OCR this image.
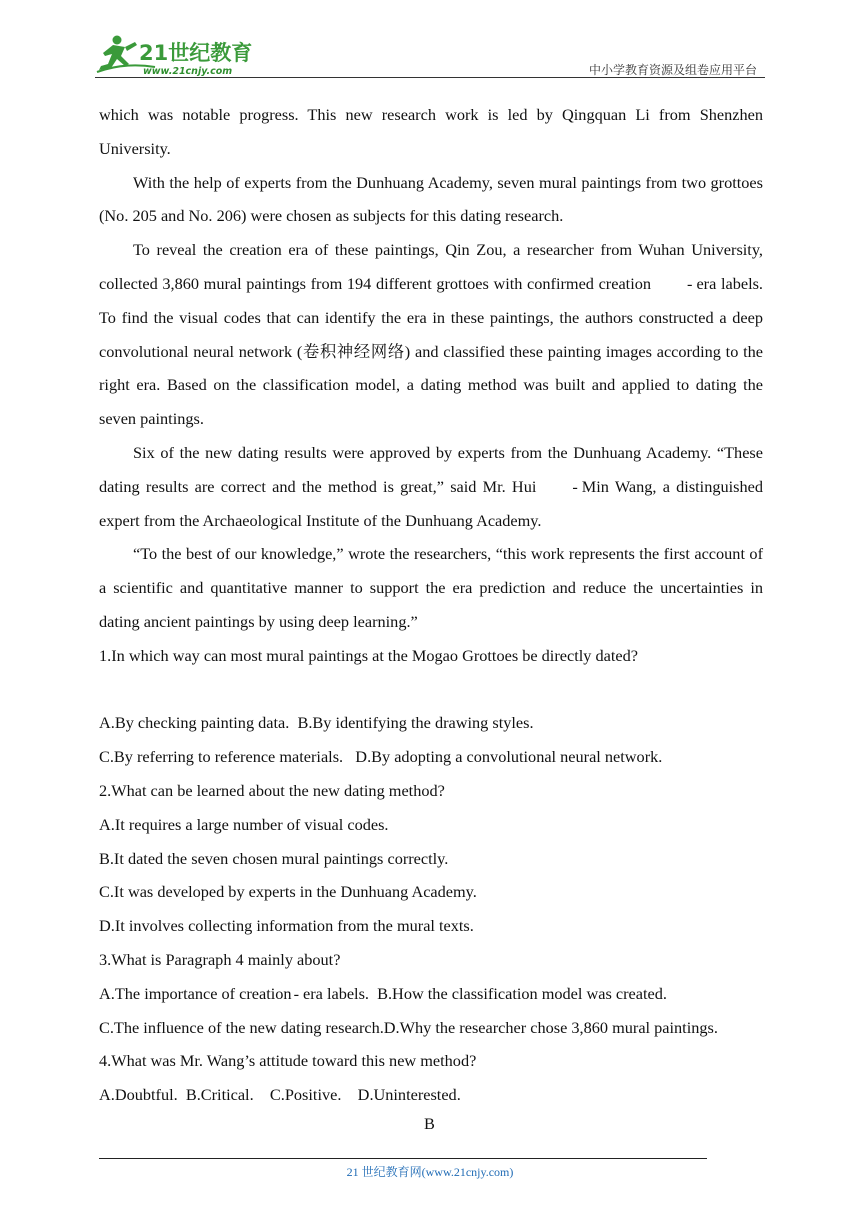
21世纪教育
www.21cnjy.com	中小学教育资源及组卷应用平台

which was notable progress. This new research work is led by Qingquan Li from Shenzhen University.

With the help of experts from the Dunhuang Academy, seven mural paintings from two grottoes (No. 205 and No. 206) were chosen as subjects for this dating research.

To reveal the creation era of these paintings, Qin Zou, a researcher from Wuhan University, collected 3,860 mural paintings from 194 different grottoes with confirmed creation - era labels. To find the visual codes that can identify the era in these paintings, the authors constructed a deep convolutional neural network (卷积神经网络) and classified these painting images according to the right era. Based on the classification model, a dating method was built and applied to dating the seven paintings.

Six of the new dating results were approved by experts from the Dunhuang Academy. “These dating results are correct and the method is great,” said Mr. Hui - Min Wang, a distinguished expert from the Archaeological Institute of the Dunhuang Academy.

“To the best of our knowledge,” wrote the researchers, “this work represents the first account of a scientific and quantitative manner to support the era prediction and reduce the uncertainties in dating ancient paintings by using deep learning.”

1.In which way can most mural paintings at the Mogao Grottoes be directly dated?

A.By checking painting data.  B.By identifying the drawing styles.

C.By referring to reference materials.   D.By adopting a convolutional neural network.

2.What can be learned about the new dating method?

A.It requires a large number of visual codes.

B.It dated the seven chosen mural paintings correctly.

C.It was developed by experts in the Dunhuang Academy.

D.It involves collecting information from the mural texts.

3.What is Paragraph 4 mainly about?

A.The importance of creation - era labels.  B.How the classification model was created.

C.The influence of the new dating research.D.Why the researcher chose 3,860 mural paintings.

4.What was Mr. Wang’s attitude toward this new method?

A.Doubtful.  B.Critical.    C.Positive.    D.Uninterested.

B
21 世纪教育网(www.21cnjy.com)
